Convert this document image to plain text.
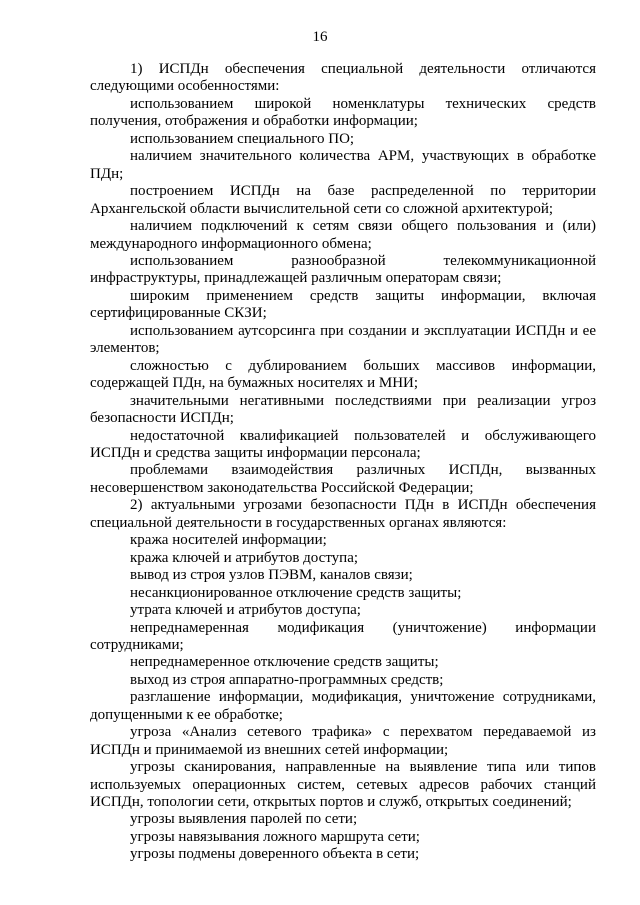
16

1) ИСПДн обеспечения специальной деятельности отличаются следующими особенностями:

использованием широкой номенклатуры технических средств получения, отображения и обработки информации;

использованием специального ПО;

наличием значительного количества АРМ, участвующих в обработке ПДн;

построением ИСПДн на базе распределенной по территории Архангельской области вычислительной сети со сложной архитектурой;

наличием подключений к сетям связи общего пользования и (или) международного информационного обмена;

использованием разнообразной телекоммуникационной инфраструктуры, принадлежащей различным операторам связи;

широким применением средств защиты информации, включая сертифицированные СКЗИ;

использованием аутсорсинга при создании и эксплуатации ИСПДн и ее элементов;

сложностью с дублированием больших массивов информации, содержащей ПДн, на бумажных носителях и МНИ;

значительными негативными последствиями при реализации угроз безопасности ИСПДн;

недостаточной квалификацией пользователей и обслуживающего ИСПДн и средства защиты информации персонала;

проблемами взаимодействия различных ИСПДн, вызванных несовершенством законодательства Российской Федерации;

2) актуальными угрозами безопасности ПДн в ИСПДн обеспечения специальной деятельности в государственных органах являются:

кража носителей информации;

кража ключей и атрибутов доступа;

вывод из строя узлов ПЭВМ, каналов связи;

несанкционированное отключение средств защиты;

утрата ключей и атрибутов доступа;

непреднамеренная модификация (уничтожение) информации сотрудниками;

непреднамеренное отключение средств защиты;

выход из строя аппаратно-программных средств;

разглашение информации, модификация, уничтожение сотрудниками, допущенными к ее обработке;

угроза «Анализ сетевого трафика» с перехватом передаваемой из ИСПДн и принимаемой из внешних сетей информации;

угрозы сканирования, направленные на выявление типа или типов используемых операционных систем, сетевых адресов рабочих станций ИСПДн, топологии сети, открытых портов и служб, открытых соединений;

угрозы выявления паролей по сети;

угрозы навязывания ложного маршрута сети;

угрозы подмены доверенного объекта в сети;
